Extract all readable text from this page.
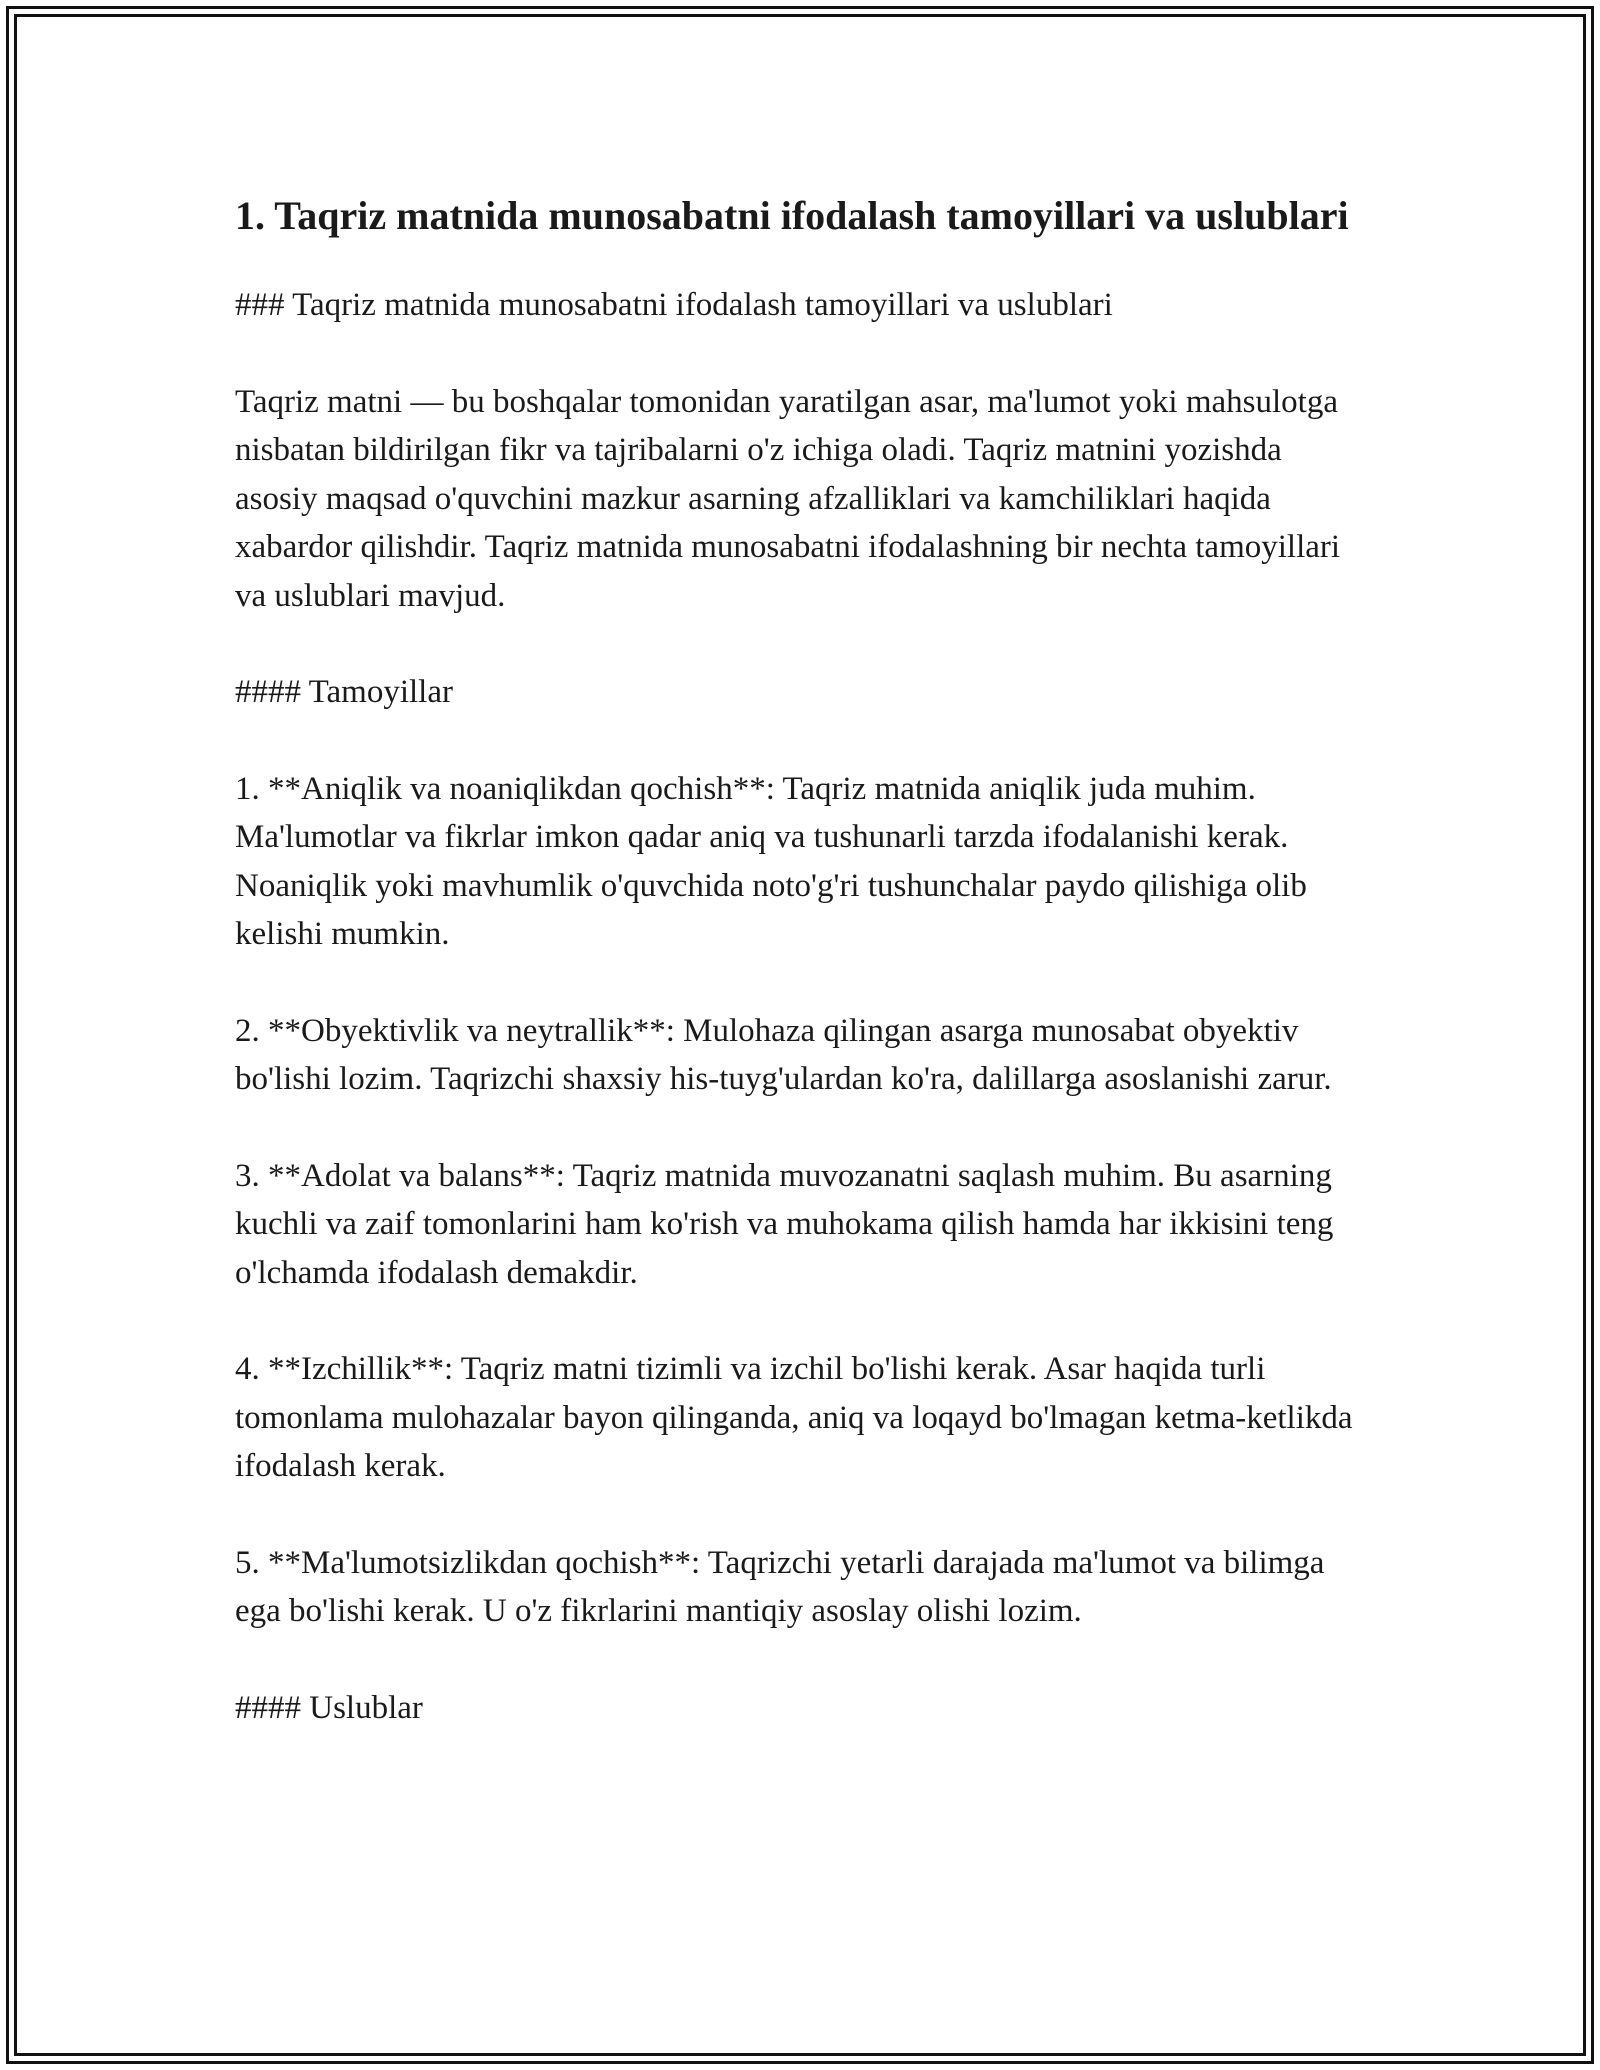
1. Taqriz matnida munosabatni ifodalash tamoyillari va uslublari

### Taqriz matnida munosabatni ifodalash tamoyillari va uslublari

Taqriz matni — bu boshqalar tomonidan yaratilgan asar, ma'lumot yoki mahsulotga nisbatan bildirilgan fikr va tajribalarni o'z ichiga oladi. Taqriz matnini yozishda asosiy maqsad o'quvchini mazkur asarning afzalliklari va kamchiliklari haqida xabardor qilishdir. Taqriz matnida munosabatni ifodalashning bir nechta tamoyillari va uslublari mavjud.

#### Tamoyillar

1. **Aniqlik va noaniqlikdan qochish**: Taqriz matnida aniqlik juda muhim. Ma'lumotlar va fikrlar imkon qadar aniq va tushunarli tarzda ifodalanishi kerak. Noaniqlik yoki mavhumlik o'quvchida noto'g'ri tushunchalar paydo qilishiga olib kelishi mumkin.

2. **Obyektivlik va neytrallik**: Mulohaza qilingan asarga munosabat obyektiv bo'lishi lozim. Taqrizchi shaxsiy his-tuyg'ulardan ko'ra, dalillarga asoslanishi zarur.

3. **Adolat va balans**: Taqriz matnida muvozanatni saqlash muhim. Bu asarning kuchli va zaif tomonlarini ham ko'rish va muhokama qilish hamda har ikkisini teng o'lchamda ifodalash demakdir.

4. **Izchillik**: Taqriz matni tizimli va izchil bo'lishi kerak. Asar haqida turli tomonlama mulohazalar bayon qilinganda, aniq va loqayd bo'lmagan ketma-ketlikda ifodalash kerak.

5. **Ma'lumotsizlikdan qochish**: Taqrizchi yetarli darajada ma'lumot va bilimga ega bo'lishi kerak. U o'z fikrlarini mantiqiy asoslay olishi lozim.

#### Uslublar
